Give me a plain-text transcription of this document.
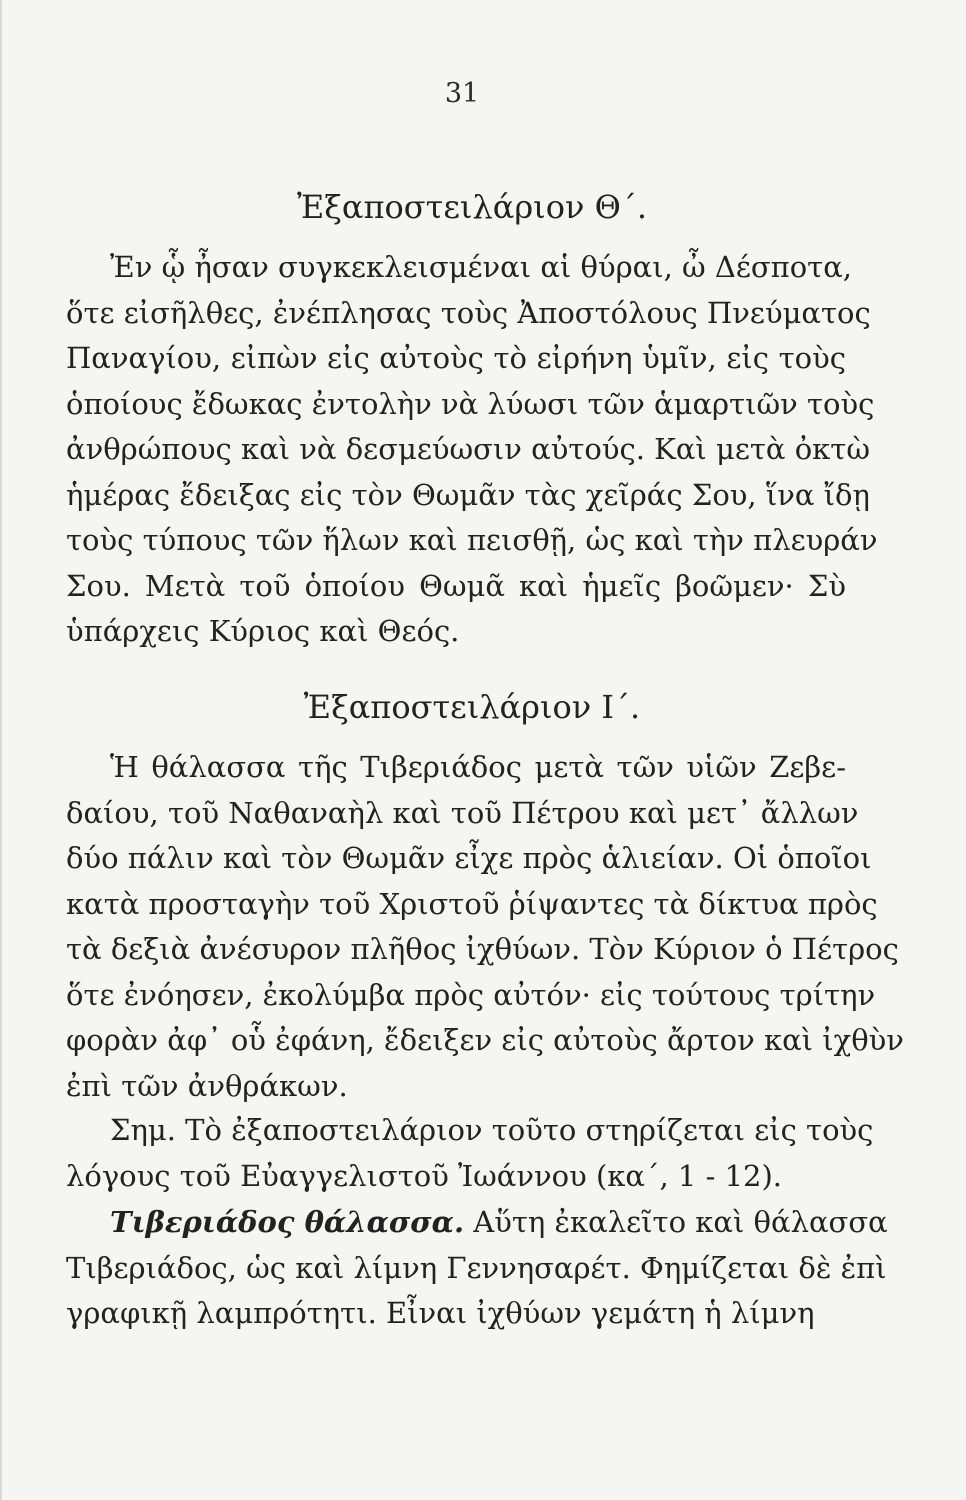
31
Ἐξαποστειλάριον Θ΄.
Ἐν ᾧ ἦσαν συγκεκλεισμέναι αἱ θύραι, ὦ Δέσποτα,
ὅτε εἰσῆλθες, ἐνέπλησας τοὺς Ἀποστόλους Πνεύματος
Παναγίου, εἰπὼν εἰς αὐτοὺς τὸ εἰρήνη ὑμῖν, εἰς τοὺς
ὁποίους ἔδωκας ἐντολὴν νὰ λύωσι τῶν ἁμαρτιῶν τοὺς
ἀνθρώπους καὶ νὰ δεσμεύωσιν αὐτούς. Καὶ μετὰ ὀκτὼ
ἡμέρας ἔδειξας εἰς τὸν Θωμᾶν τὰς χεῖράς Σου, ἵνα ἴδῃ
τοὺς τύπους τῶν ἥλων καὶ πεισθῇ, ὡς καὶ τὴν πλευράν
Σου. Μετὰ τοῦ ὁποίου Θωμᾶ καὶ ἡμεῖς βοῶμεν· Σὺ
ὑπάρχεις Κύριος καὶ Θεός.
Ἐξαποστειλάριον Ι΄.
Ἡ θάλασσα τῆς Τιβεριάδος μετὰ τῶν υἱῶν Ζεβε-
δαίου, τοῦ Ναθαναὴλ καὶ τοῦ Πέτρου καὶ μετ᾽ ἄλλων
δύο πάλιν καὶ τὸν Θωμᾶν εἶχε πρὸς ἁλιείαν. Οἱ ὁποῖοι
κατὰ προσταγὴν τοῦ Χριστοῦ ῥίψαντες τὰ δίκτυα πρὸς
τὰ δεξιὰ ἀνέσυρον πλῆθος ἰχθύων. Τὸν Κύριον ὁ Πέτρος
ὅτε ἐνόησεν, ἐκολύμβα πρὸς αὐτόν· εἰς τούτους τρίτην
φορὰν ἀφ᾽ οὗ ἐφάνη, ἔδειξεν εἰς αὐτοὺς ἄρτον καὶ ἰχθὺν
ἐπὶ τῶν ἀνθράκων.
Σημ. Τὸ ἐξαποστειλάριον τοῦτο στηρίζεται εἰς τοὺς
λόγους τοῦ Εὐαγγελιστοῦ Ἰωάννου (κα΄, 1 - 12).
Τιβεριάδος θάλασσα. Αὕτη ἐκαλεῖτο καὶ θάλασσα
Τιβεριάδος, ὡς καὶ λίμνη Γεννησαρέτ. Φημίζεται δὲ ἐπὶ
γραφικῇ λαμπρότητι. Εἶναι ἰχθύων γεμάτη ἡ λίμνη
